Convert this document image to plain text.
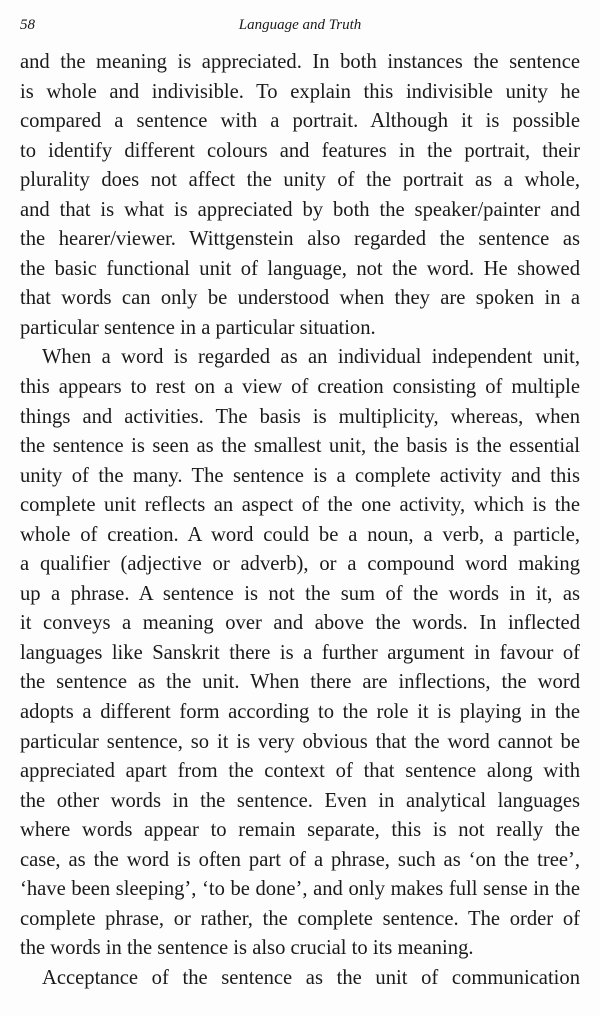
58	Language and Truth
and the meaning is appreciated. In both instances the sentence
is whole and indivisible. To explain this indivisible unity he
compared a sentence with a portrait. Although it is possible
to identify different colours and features in the portrait, their
plurality does not affect the unity of the portrait as a whole,
and that is what is appreciated by both the speaker/painter and
the hearer/viewer. Wittgenstein also regarded the sentence as
the basic functional unit of language, not the word. He showed
that words can only be understood when they are spoken in a
particular sentence in a particular situation.
When a word is regarded as an individual independent unit,
this appears to rest on a view of creation consisting of multiple
things and activities. The basis is multiplicity, whereas, when
the sentence is seen as the smallest unit, the basis is the essential
unity of the many. The sentence is a complete activity and this
complete unit reflects an aspect of the one activity, which is the
whole of creation. A word could be a noun, a verb, a particle,
a qualifier (adjective or adverb), or a compound word making
up a phrase. A sentence is not the sum of the words in it, as
it conveys a meaning over and above the words. In inflected
languages like Sanskrit there is a further argument in favour of
the sentence as the unit. When there are inflections, the word
adopts a different form according to the role it is playing in the
particular sentence, so it is very obvious that the word cannot be
appreciated apart from the context of that sentence along with
the other words in the sentence. Even in analytical languages
where words appear to remain separate, this is not really the
case, as the word is often part of a phrase, such as ‘on the tree’,
‘have been sleeping’, ‘to be done’, and only makes full sense in the
complete phrase, or rather, the complete sentence. The order of
the words in the sentence is also crucial to its meaning.
Acceptance of the sentence as the unit of communication
